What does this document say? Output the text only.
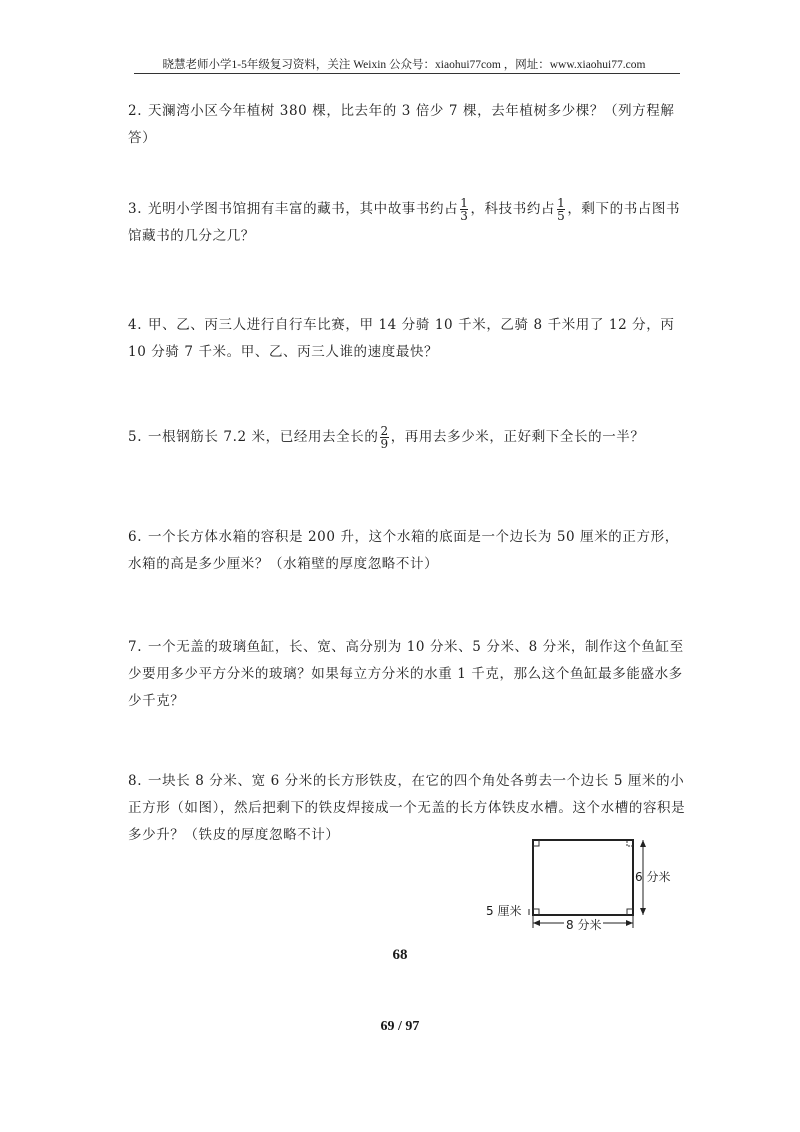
晓慧老师小学1-5年级复习资料，关注 Weixin 公众号：xiaohui77com ，网址：www.xiaohui77.com
2. 天澜湾小区今年植树 380 棵，比去年的 3 倍少 7 棵，去年植树多少棵？（列方程解答）
3. 光明小学图书馆拥有丰富的藏书，其中故事书约占 $\frac{1}{3}$ ，科技书约占 $\frac{1}{5}$ ，剩下的书占图书馆藏书的几分之几？
4. 甲、乙、丙三人进行自行车比赛，甲 14 分骑 10 千米，乙骑 8 千米用了 12 分，丙 10 分骑 7 千米。甲、乙、丙三人谁的速度最快？
5. 一根钢筋长 7.2 米，已经用去全长的 $\frac{2}{9}$ ，再用去多少米，正好剩下全长的一半？
6. 一个长方体水箱的容积是 200 升，这个水箱的底面是一个边长为 50 厘米的正方形，水箱的高是多少厘米？（水箱壁的厚度忽略不计）
7. 一个无盖的玻璃鱼缸，长、宽、高分别为 10 分米、5 分米、8 分米，制作这个鱼缸至少要用多少平方分米的玻璃？如果每立方分米的水重 1 千克，那么这个鱼缸最多能盛水多少千克？
8. 一块长 8 分米、宽 6 分米的长方形铁皮，在它的四个角处各剪去一个边长 5 厘米的小正方形（如图），然后把剩下的铁皮焊接成一个无盖的长方体铁皮水槽。这个水槽的容积是多少升？（铁皮的厚度忽略不计）
6 分米
5 厘米
8 分米
68
69 / 97
